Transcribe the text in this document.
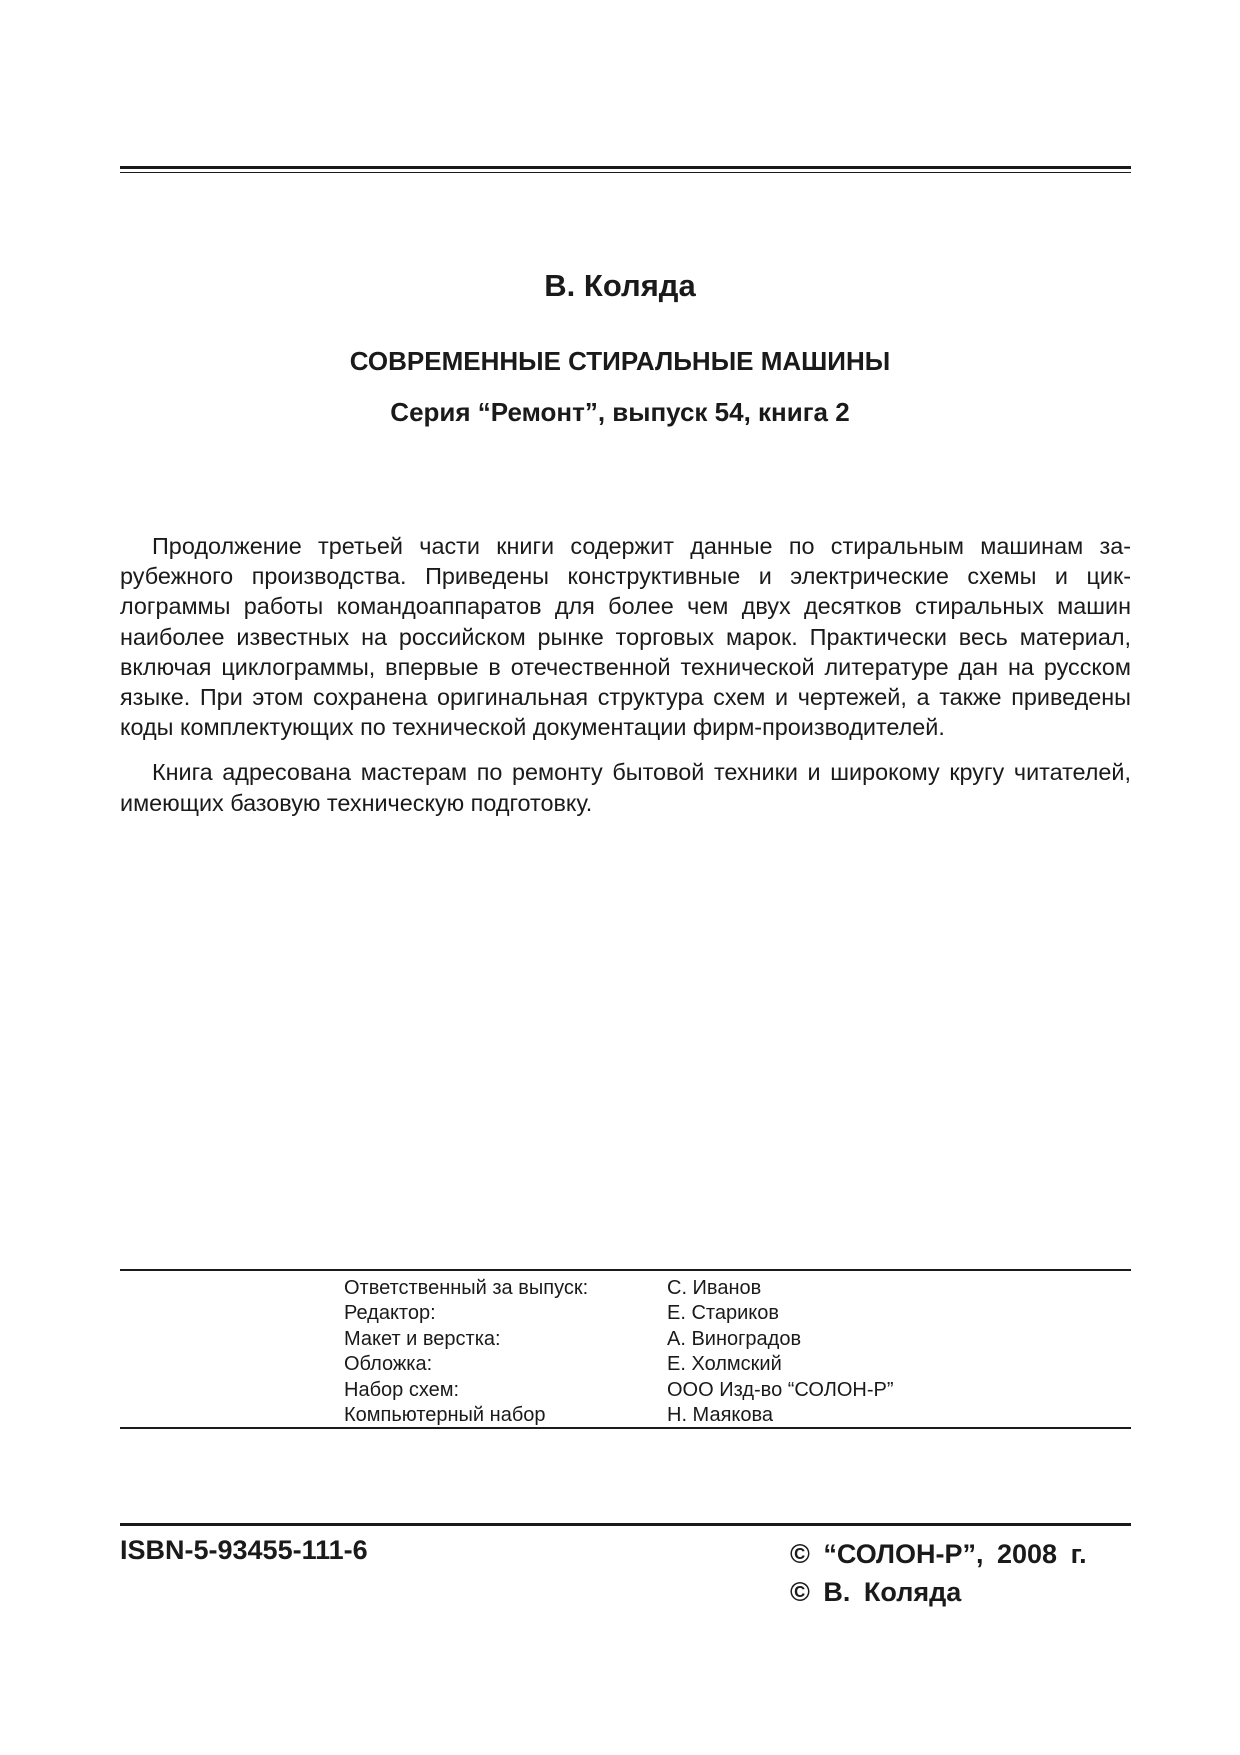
В. Коляда
СОВРЕМЕННЫЕ СТИРАЛЬНЫЕ МАШИНЫ
Серия “Ремонт”, выпуск 54, книга 2

Продолжение третьей части книги содержит данные по стиральным машинам зарубежного производства. Приведены конструктивные и электрические схемы и циклограммы работы командоаппаратов для более чем двух десятков стиральных машин наиболее известных на российском рынке торговых марок. Практически весь материал, включая циклограммы, впервые в отечественной технической литературе дан на русском языке. При этом сохранена оригинальная структура схем и чертежей, а также приведены коды комплектующих по технической документации фирм-производителей.

Книга адресована мастерам по ремонту бытовой техники и широкому кругу читателей, имеющих базовую техническую подготовку.

Ответственный за выпуск:	С. Иванов
Редактор:	Е. Стариков
Макет и верстка:	А. Виноградов
Обложка:	Е. Холмский
Набор схем:	ООО Изд-во “СОЛОН-Р”
Компьютерный набор	Н. Маякова
ISBN-5-93455-111-6	© “СОЛОН-Р”, 2008 г.
© В. Коляда
